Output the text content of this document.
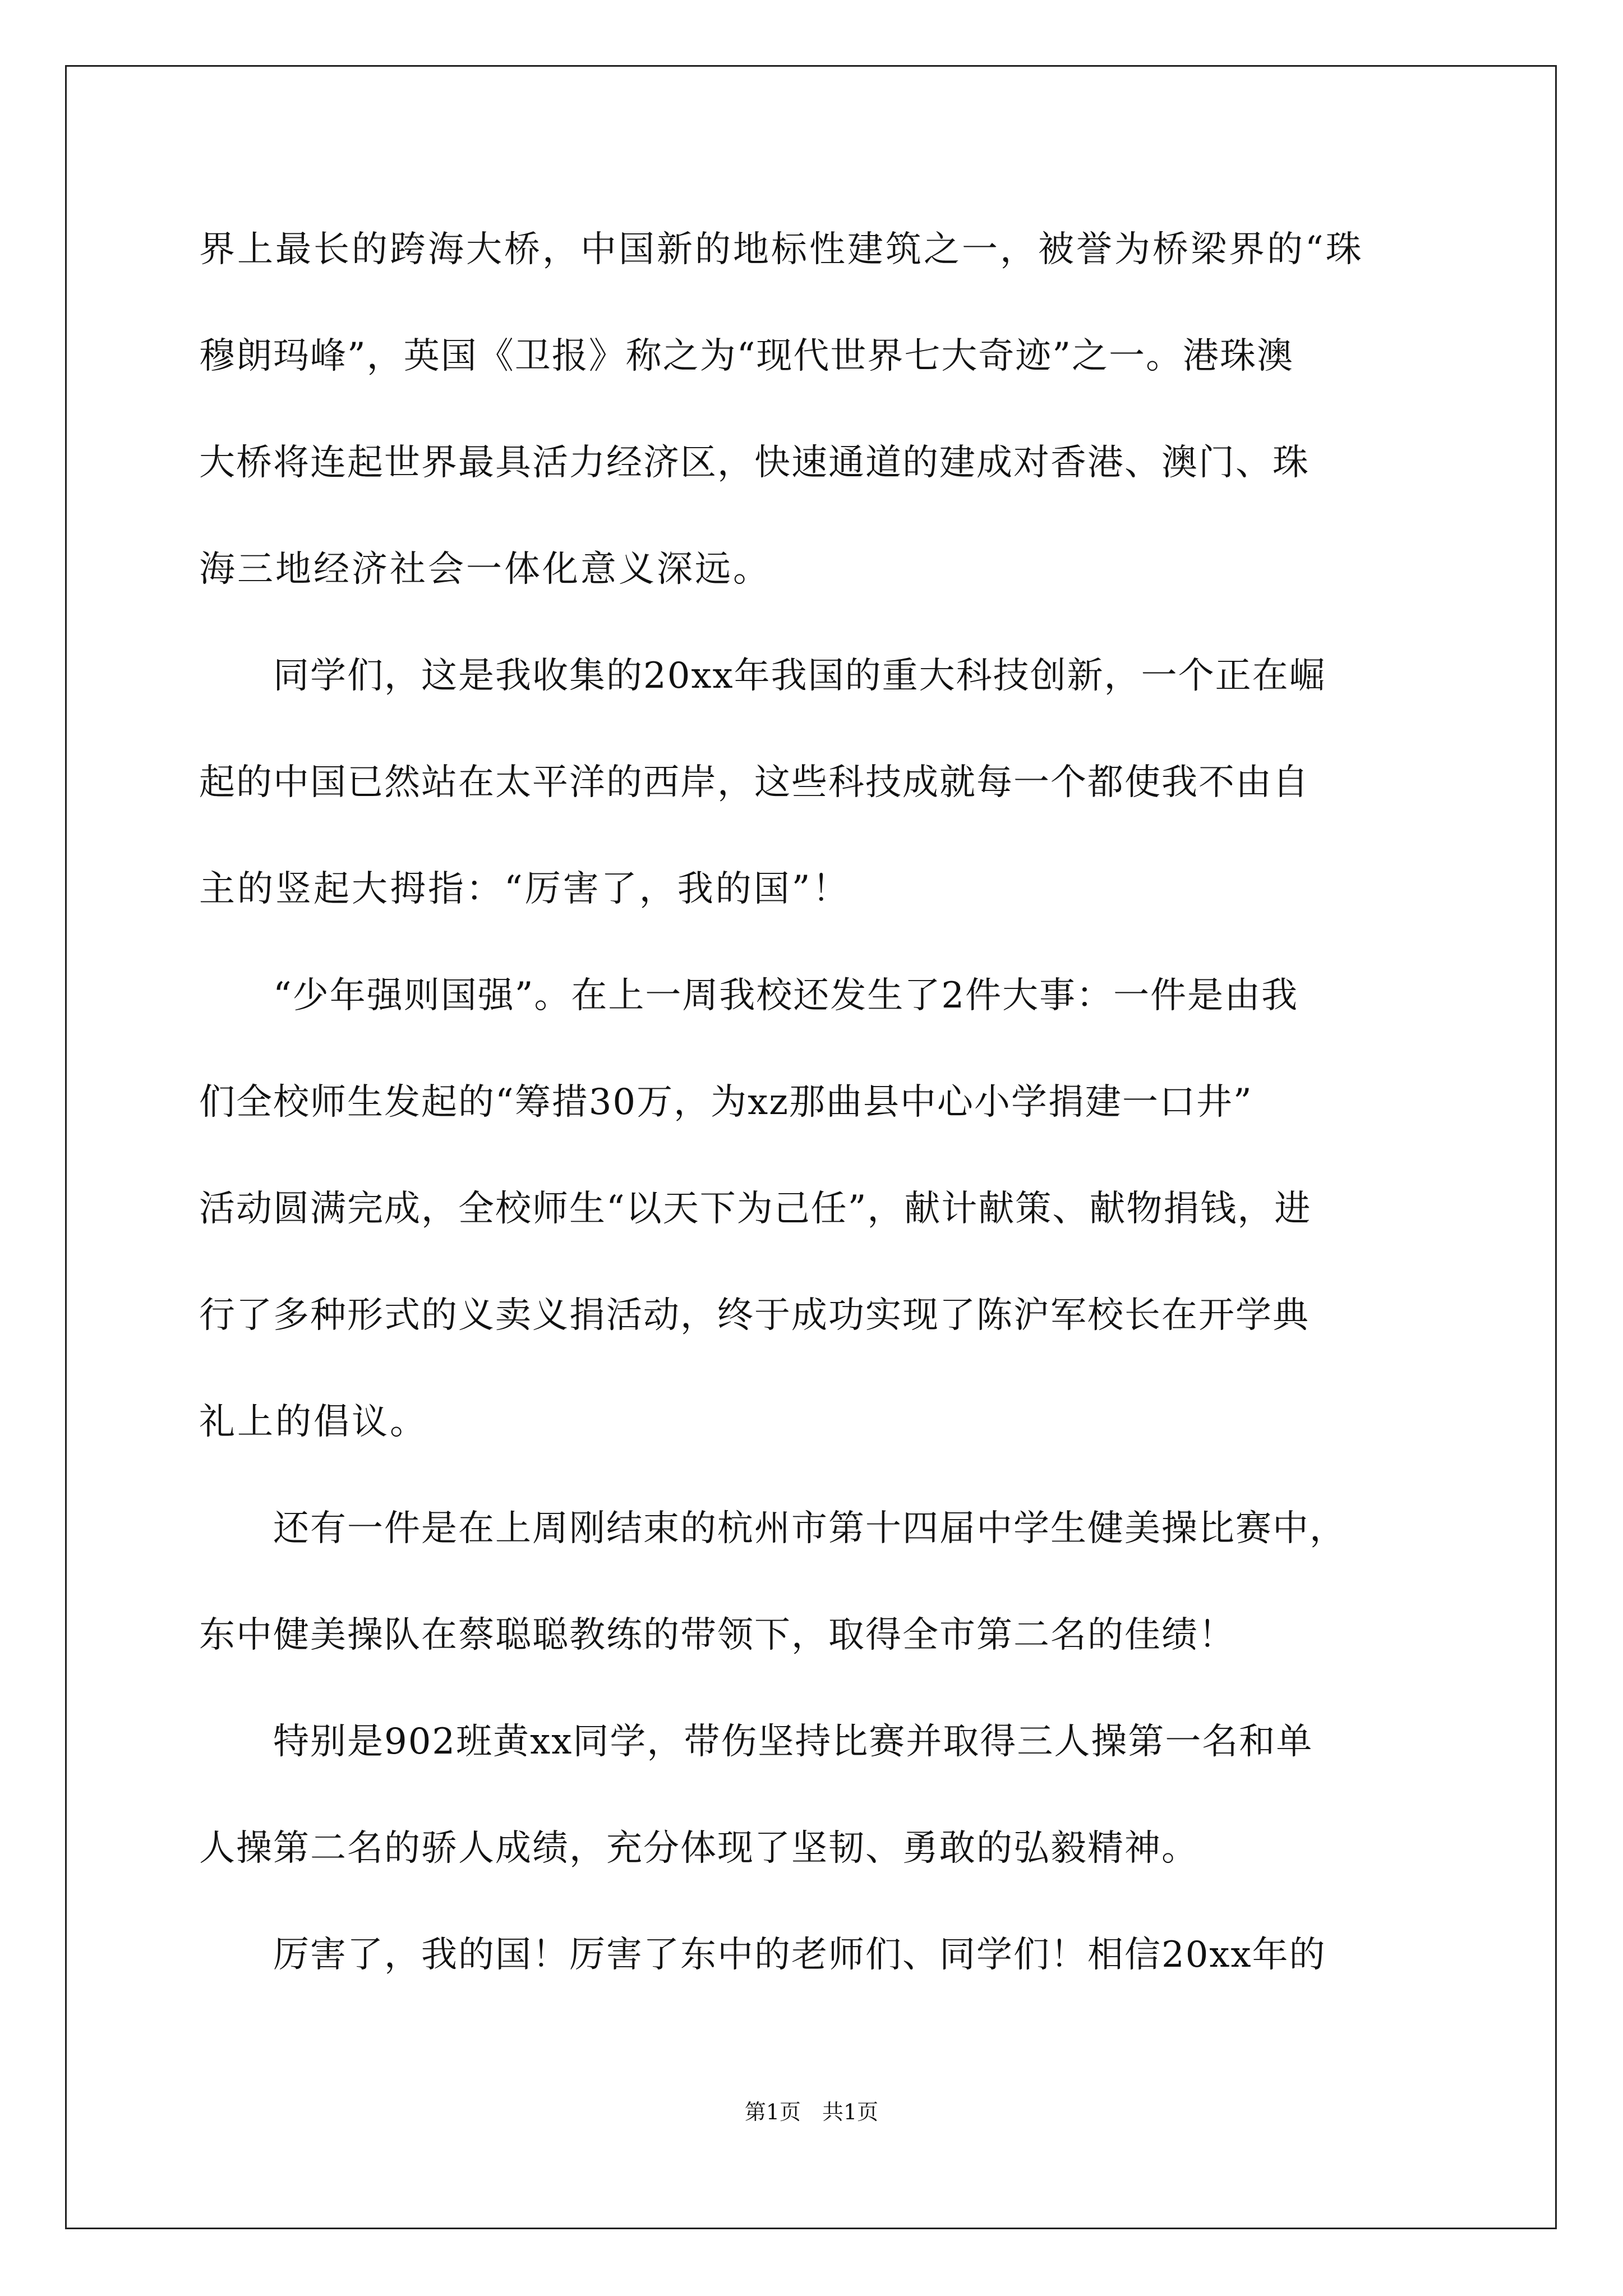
界上最长的跨海大桥，中国新的地标性建筑之一，被誉为桥梁界的“珠
穆朗玛峰”，英国《卫报》称之为“现代世界七大奇迹”之一。港珠澳
大桥将连起世界最具活力经济区，快速通道的建成对香港、澳门、珠
海三地经济社会一体化意义深远。
　　同学们，这是我收集的20xx年我国的重大科技创新，一个正在崛
起的中国已然站在太平洋的西岸，这些科技成就每一个都使我不由自
主的竖起大拇指：“厉害了，我的国”！
　　“少年强则国强”。在上一周我校还发生了2件大事：一件是由我
们全校师生发起的“筹措30万，为xz那曲县中心小学捐建一口井”
活动圆满完成，全校师生“以天下为己任”，献计献策、献物捐钱，进
行了多种形式的义卖义捐活动，终于成功实现了陈沪军校长在开学典
礼上的倡议。
　　还有一件是在上周刚结束的杭州市第十四届中学生健美操比赛中，
东中健美操队在蔡聪聪教练的带领下，取得全市第二名的佳绩！
　　特别是902班黄xx同学，带伤坚持比赛并取得三人操第一名和单
人操第二名的骄人成绩，充分体现了坚韧、勇敢的弘毅精神。
　　厉害了，我的国！厉害了东中的老师们、同学们！相信20xx年的
第1页　共1页
